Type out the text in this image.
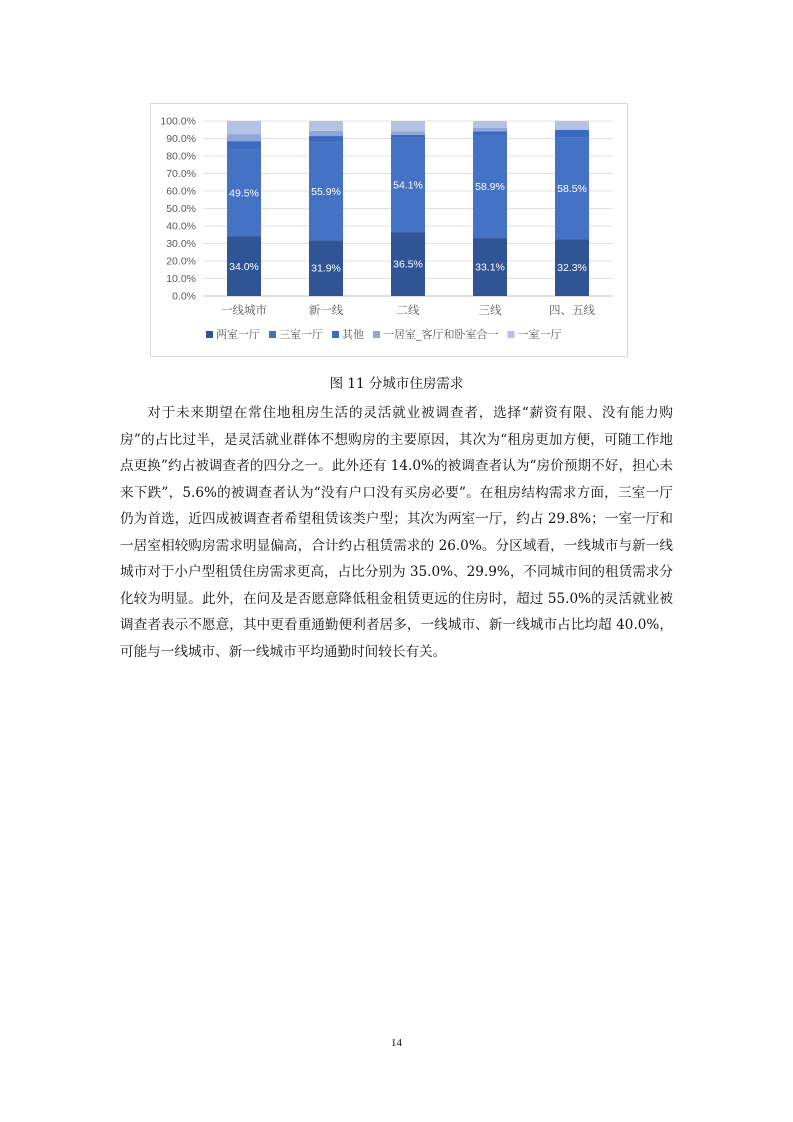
0.0%
10.0%
20.0%
30.0%
40.0%
50.0%
60.0%
70.0%
80.0%
90.0%
100.0%
34.0%
49.5%
一线城市
31.9%
55.9%
新一线
36.5%
54.1%
二线
33.1%
58.9%
三线
32.3%
58.5%
四、五线
两室一厅 三室一厅 其他 一居室_客厅和卧室合一 一室一厅
图 11 分城市住房需求

对于未来期望在常住地租房生活的灵活就业被调查者，选择“薪资有限、没有能力购房”的占比过半，是灵活就业群体不想购房的主要原因，其次为“租房更加方便，可随工作地点更换”约占被调查者的四分之一。此外还有 14.0%的被调查者认为“房价预期不好，担心未来下跌”，5.6%的被调查者认为“没有户口没有买房必要”。在租房结构需求方面，三室一厅仍为首选，近四成被调查者希望租赁该类户型；其次为两室一厅，约占 29.8%；一室一厅和一居室相较购房需求明显偏高，合计约占租赁需求的 26.0%。分区域看，一线城市与新一线城市对于小户型租赁住房需求更高，占比分别为 35.0%、29.9%，不同城市间的租赁需求分化较为明显。此外，在问及是否愿意降低租金租赁更远的住房时，超过 55.0%的灵活就业被调查者表示不愿意，其中更看重通勤便利者居多，一线城市、新一线城市占比均超 40.0%，可能与一线城市、新一线城市平均通勤时间较长有关。

14
